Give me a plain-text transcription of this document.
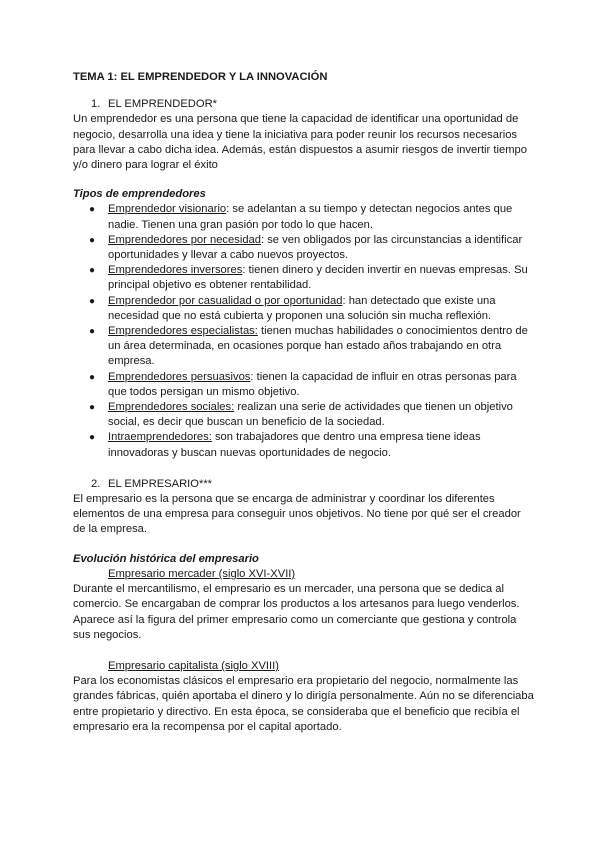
TEMA 1: EL EMPRENDEDOR Y LA INNOVACIÓN

1. EL EMPRENDEDOR*

Un emprendedor es una persona que tiene la capacidad de identificar una oportunidad de negocio, desarrolla una idea y tiene la iniciativa para poder reunir los recursos necesarios para llevar a cabo dicha idea. Además, están dispuestos a asumir riesgos de invertir tiempo y/o dinero para lograr el éxito

Tipos de emprendedores

● Emprendedor visionario: se adelantan a su tiempo y detectan negocios antes que nadie. Tienen una gran pasión por todo lo que hacen.
● Emprendedores por necesidad: se ven obligados por las circunstancias a identificar oportunidades y llevar a cabo nuevos proyectos.
● Emprendedores inversores: tienen dinero y deciden invertir en nuevas empresas. Su principal objetivo es obtener rentabilidad.
● Emprendedor por casualidad o por oportunidad: han detectado que existe una necesidad que no está cubierta y proponen una solución sin mucha reflexión.
● Emprendedores especialistas: tienen muchas habilidades o conocimientos dentro de un área determinada, en ocasiones porque han estado años trabajando en otra empresa.
● Emprendedores persuasivos: tienen la capacidad de influir en otras personas para que todos persigan un mismo objetivo.
● Emprendedores sociales: realizan una serie de actividades que tienen un objetivo social, es decir que buscan un beneficio de la sociedad.
● Intraemprendedores: son trabajadores que dentro una empresa tiene ideas innovadoras y buscan nuevas oportunidades de negocio.
2. EL EMPRESARIO***

El empresario es la persona que se encarga de administrar y coordinar los diferentes elementos de una empresa para conseguir unos objetivos. No tiene por qué ser el creador de la empresa.

Evolución histórica del empresario

Empresario mercader (siglo XVI-XVII)

Durante el mercantilismo, el empresario es un mercader, una persona que se dedica al comercio. Se encargaban de comprar los productos a los artesanos para luego venderlos. Aparece así la figura del primer empresario como un comerciante que gestiona y controla sus negocios.

Empresario capitalista (siglo XVIII)

Para los economistas clásicos el empresario era propietario del negocio, normalmente las grandes fábricas, quién aportaba el dinero y lo dirigía personalmente. Aún no se diferenciaba entre propietario y directivo. En esta época, se consideraba que el beneficio que recibía el empresario era la recompensa por el capital aportado.
